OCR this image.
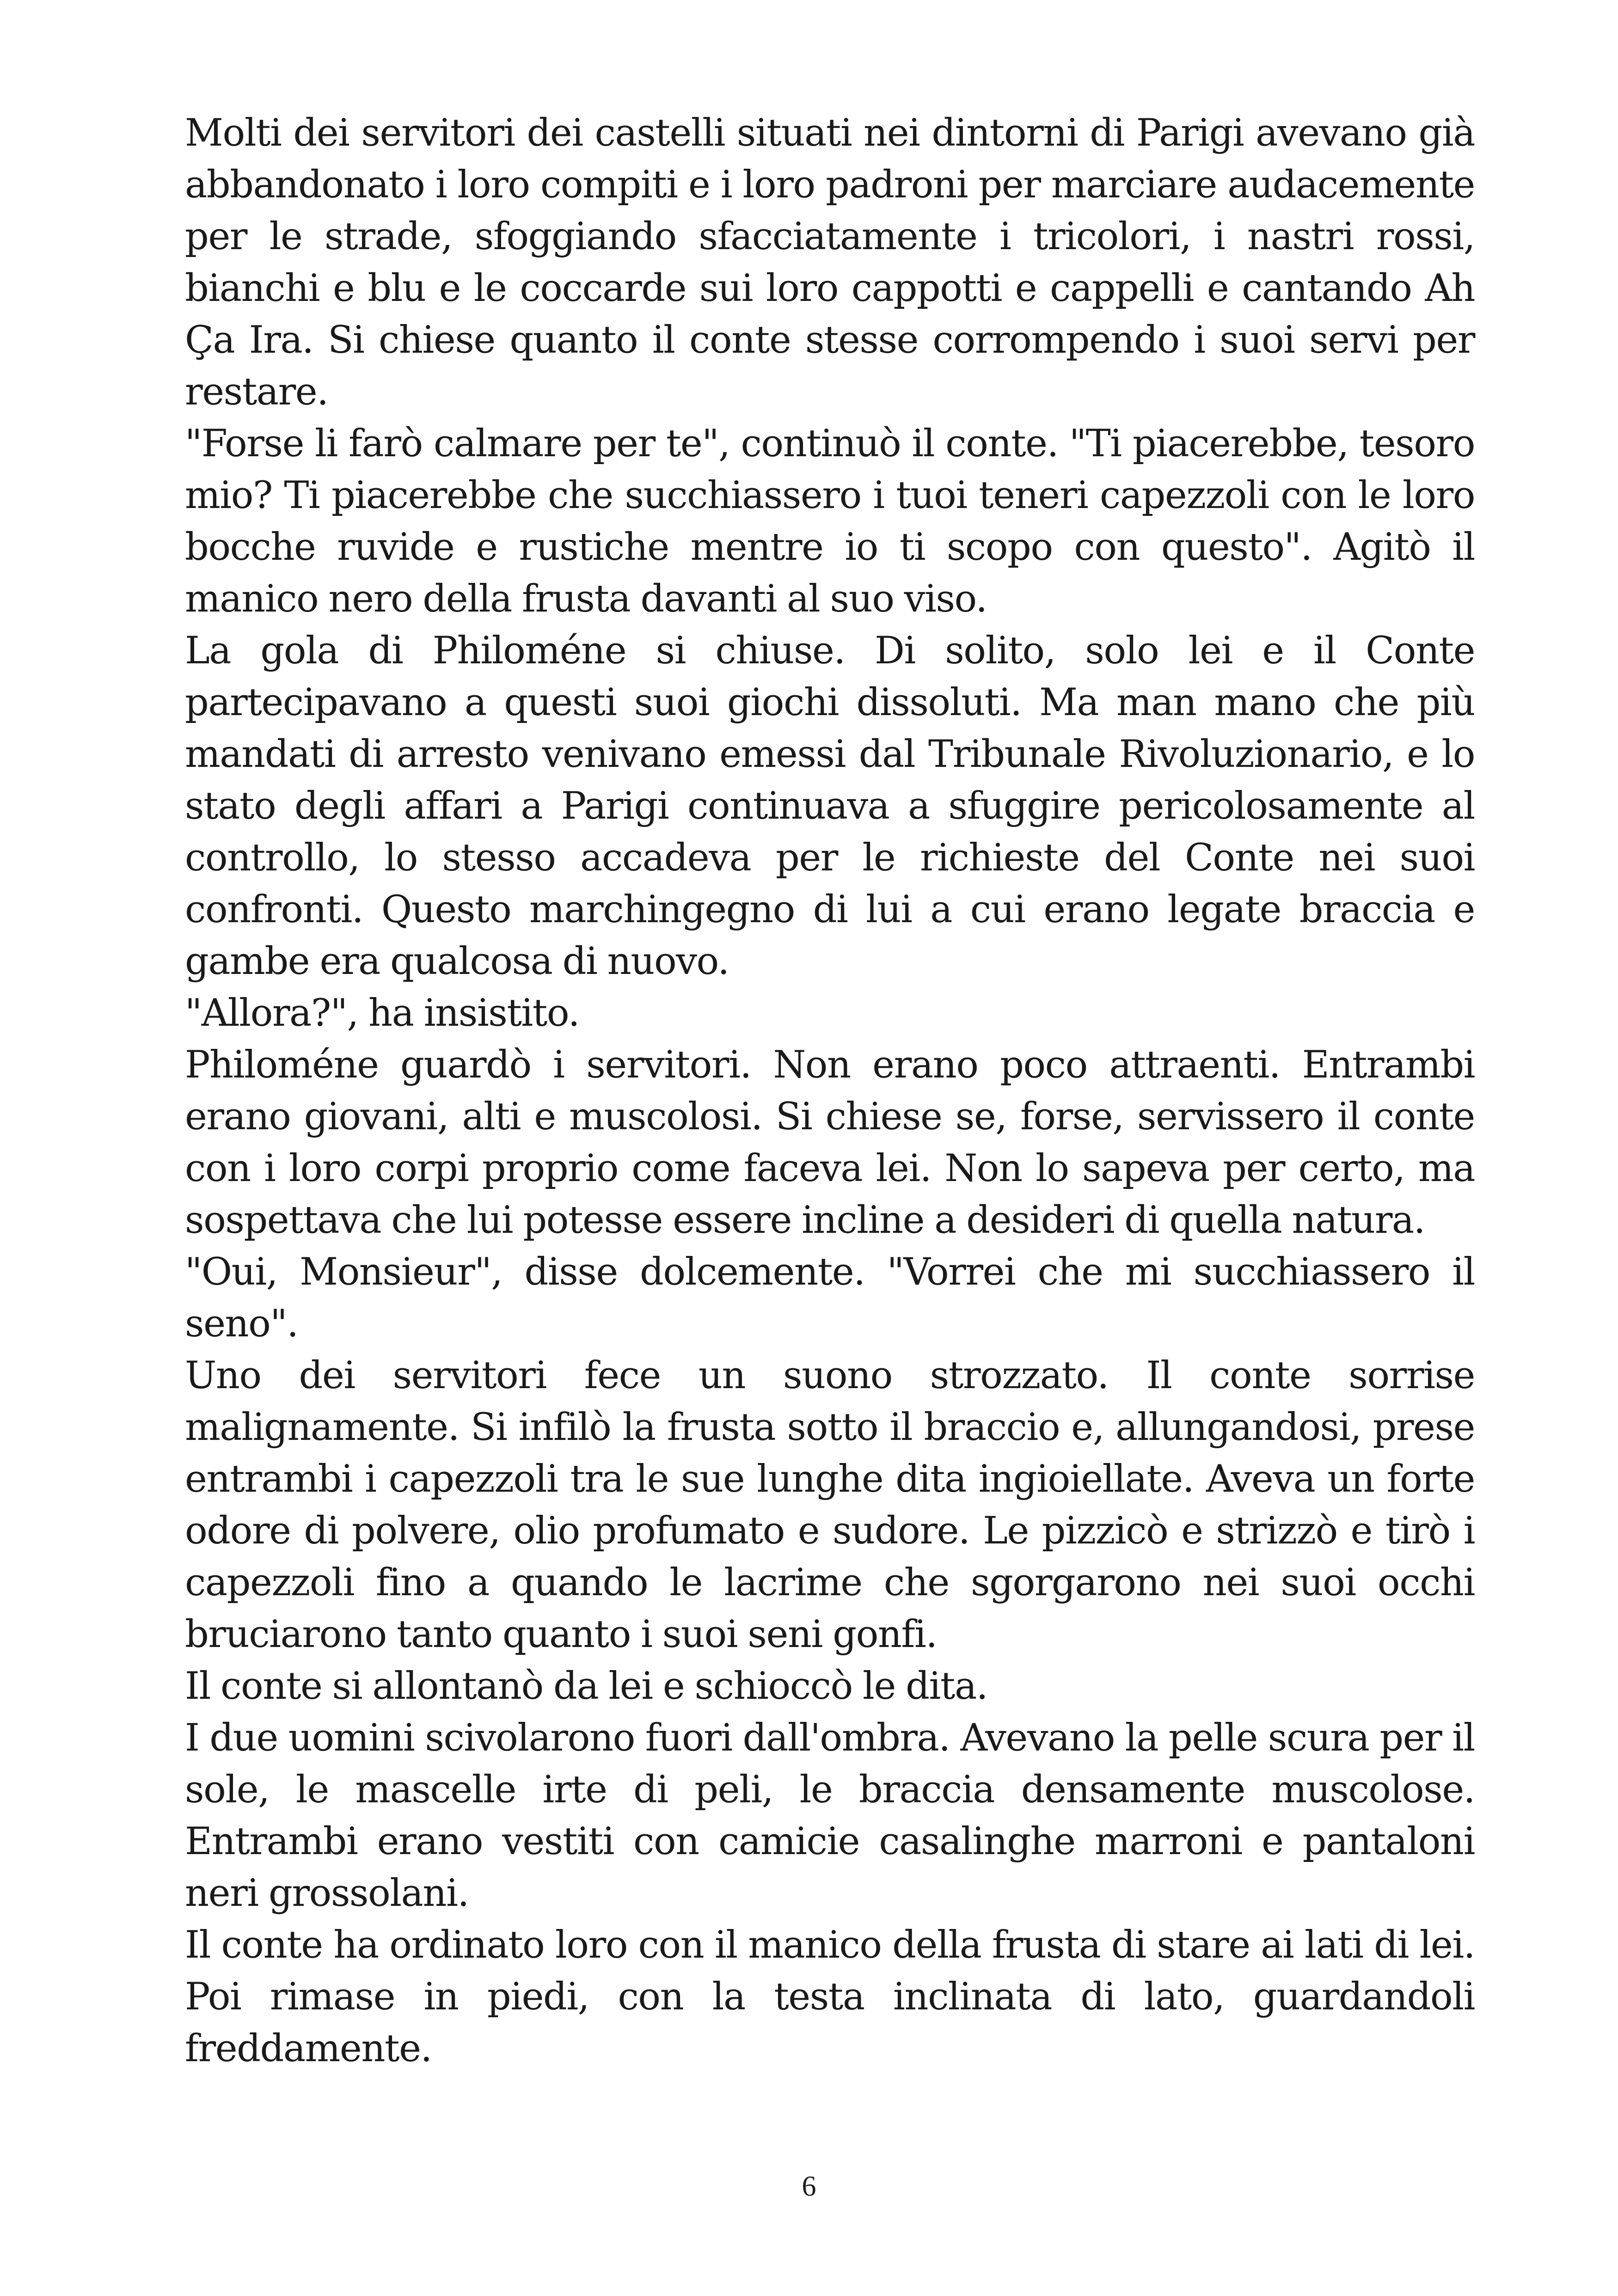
Molti dei servitori dei castelli situati nei dintorni di Parigi avevano già abbandonato i loro compiti e i loro padroni per marciare audacemente per le strade, sfoggiando sfacciatamente i tricolori, i nastri rossi, bianchi e blu e le coccarde sui loro cappotti e cappelli e cantando Ah Ça Ira. Si chiese quanto il conte stesse corrompendo i suoi servi per restare.

"Forse li farò calmare per te", continuò il conte. "Ti piacerebbe, tesoro mio? Ti piacerebbe che succhiassero i tuoi teneri capezzoli con le loro bocche ruvide e rustiche mentre io ti scopo con questo". Agitò il manico nero della frusta davanti al suo viso.

La gola di Philoméne si chiuse. Di solito, solo lei e il Conte partecipavano a questi suoi giochi dissoluti. Ma man mano che più mandati di arresto venivano emessi dal Tribunale Rivoluzionario, e lo stato degli affari a Parigi continuava a sfuggire pericolosamente al controllo, lo stesso accadeva per le richieste del Conte nei suoi confronti. Questo marchingegno di lui a cui erano legate braccia e gambe era qualcosa di nuovo.

"Allora?", ha insistito.

Philoméne guardò i servitori. Non erano poco attraenti. Entrambi erano giovani, alti e muscolosi. Si chiese se, forse, servissero il conte con i loro corpi proprio come faceva lei. Non lo sapeva per certo, ma sospettava che lui potesse essere incline a desideri di quella natura.

"Oui, Monsieur", disse dolcemente. "Vorrei che mi succhiassero il seno".

Uno dei servitori fece un suono strozzato. Il conte sorrise malignamente. Si infilò la frusta sotto il braccio e, allungandosi, prese entrambi i capezzoli tra le sue lunghe dita ingioiellate. Aveva un forte odore di polvere, olio profumato e sudore. Le pizzicò e strizzò e tirò i capezzoli fino a quando le lacrime che sgorgarono nei suoi occhi bruciarono tanto quanto i suoi seni gonfi.

Il conte si allontanò da lei e schioccò le dita.

I due uomini scivolarono fuori dall'ombra. Avevano la pelle scura per il sole, le mascelle irte di peli, le braccia densamente muscolose. Entrambi erano vestiti con camicie casalinghe marroni e pantaloni neri grossolani.

Il conte ha ordinato loro con il manico della frusta di stare ai lati di lei. Poi rimase in piedi, con la testa inclinata di lato, guardandoli freddamente.

6
